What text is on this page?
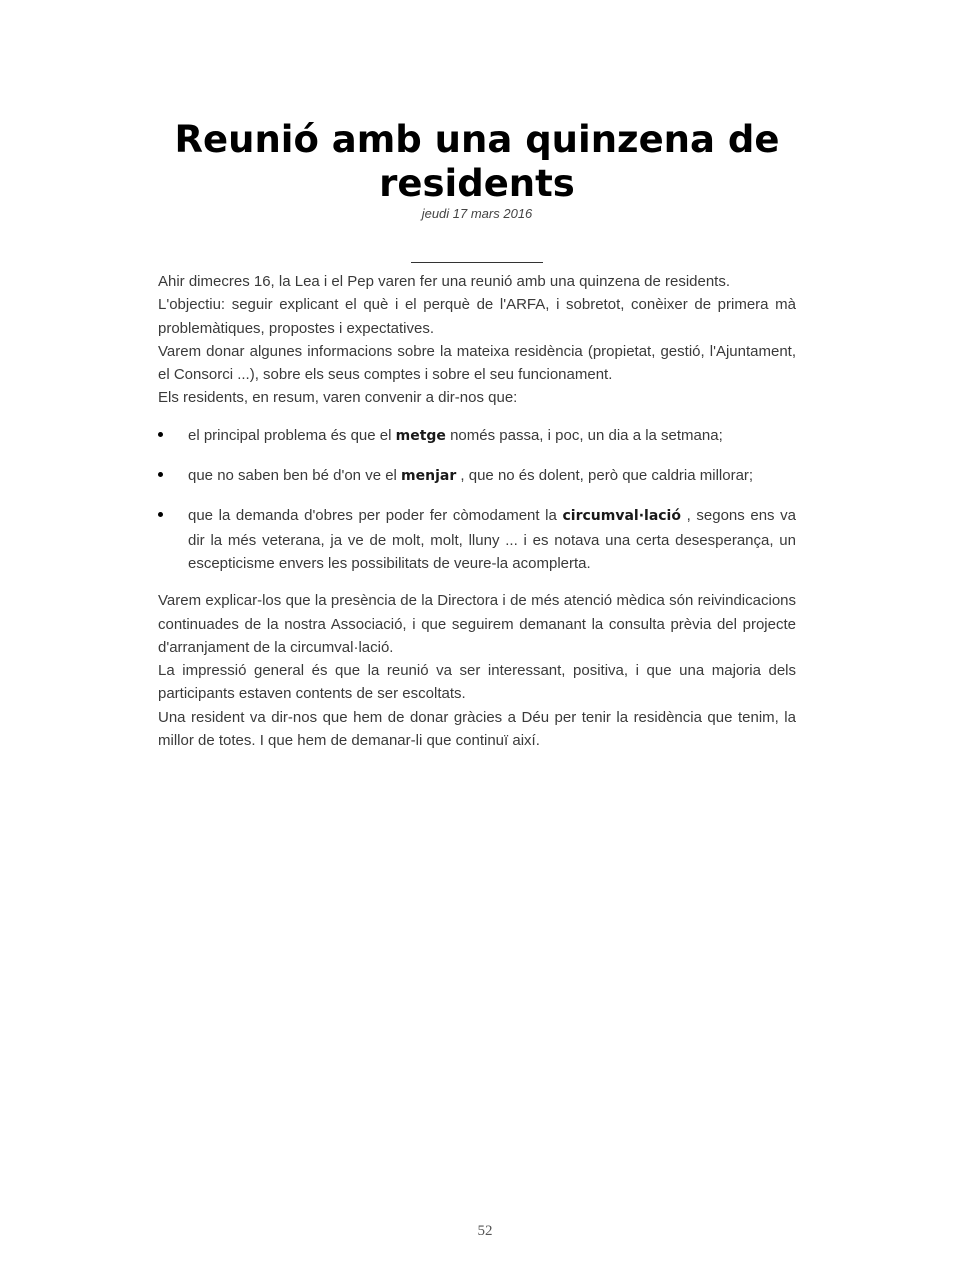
Reunió amb una quinzena de residents
jeudi 17 mars 2016

Ahir dimecres 16, la Lea i el Pep varen fer una reunió amb una quinzena de residents.

L'objectiu: seguir explicant el què i el perquè de l'ARFA, i sobretot, conèixer de primera mà problemàtiques, propostes i expectatives.

Varem donar algunes informacions sobre la mateixa residència (propietat, gestió, l'Ajuntament, el Consorci ...), sobre els seus comptes i sobre el seu funcionament.

Els residents, en resum, varen convenir a dir-nos que:

el principal problema és que el metge només passa, i poc, un dia a la setmana;
que no saben ben bé d'on ve el menjar , que no és dolent, però que caldria millorar;
que la demanda d'obres per poder fer còmodament la circumval·lació , segons ens va dir la més veterana, ja ve de molt, molt, lluny ... i es notava una certa desesperança, un escepticisme envers les possibilitats de veure-la acomplerta.

Varem explicar-los que la presència de la Directora i de més atenció mèdica són reivindicacions continuades de la nostra Associació, i que seguirem demanant la consulta prèvia del projecte d'arranjament de la circumval·lació.

La impressió general és que la reunió va ser interessant, positiva, i que una majoria dels participants estaven contents de ser escoltats.

Una resident va dir-nos que hem de donar gràcies a Déu per tenir la residència que tenim, la millor de totes. I que hem de demanar-li que continuï així.

52
